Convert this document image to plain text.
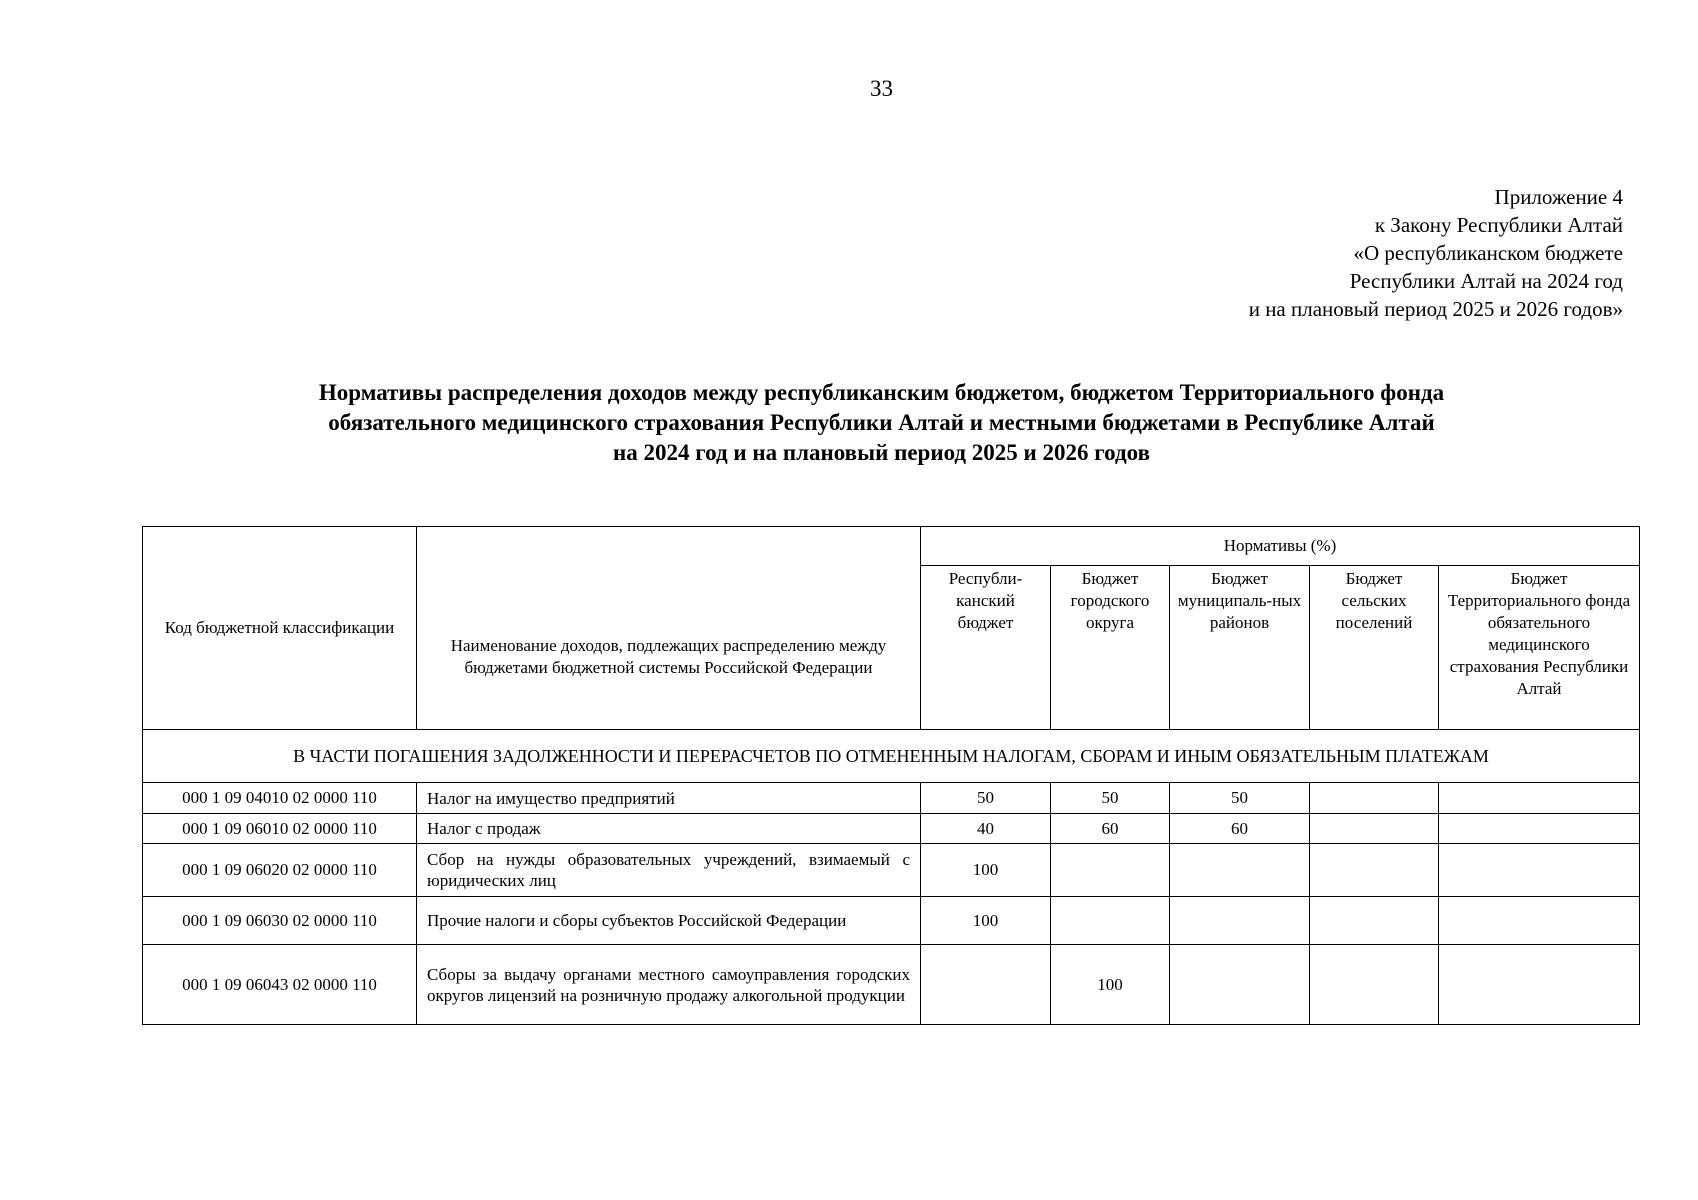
33
Приложение 4
к Закону Республики Алтай
«О республиканском бюджете
Республики Алтай на 2024 год
и на плановый период 2025 и 2026 годов»
Нормативы распределения доходов между республиканским бюджетом, бюджетом Территориального фонда
обязательного медицинского страхования Республики Алтай и местными бюджетами в Республике Алтай
на 2024 год и на плановый период 2025 и 2026 годов
Код бюджетной классификации	Наименование доходов, подлежащих распределению между бюджетами бюджетной системы Российской Федерации	Нормативы (%)				
		Республи-канский бюджет	Бюджет городского округа	Бюджет муниципаль-ных районов	Бюджет сельских поселений	Бюджет Территориального фонда обязательного медицинского страхования Республики Алтай
В ЧАСТИ ПОГАШЕНИЯ ЗАДОЛЖЕННОСТИ И ПЕРЕРАСЧЕТОВ ПО ОТМЕНЕННЫМ НАЛОГАМ, СБОРАМ И ИНЫМ ОБЯЗАТЕЛЬНЫМ ПЛАТЕЖАМ						
000 1 09 04010 02 0000 110	Налог на имущество предприятий	50	50	50		
000 1 09 06010 02 0000 110	Налог с продаж	40	60	60		
000 1 09 06020 02 0000 110	Сбор на нужды образовательных учреждений, взимаемый с юридических лиц	100				
000 1 09 06030 02 0000 110	Прочие налоги и сборы субъектов Российской Федерации	100				
000 1 09 06043 02 0000 110	Сборы за выдачу органами местного самоуправления городских округов лицензий на розничную продажу алкогольной продукции		100			
